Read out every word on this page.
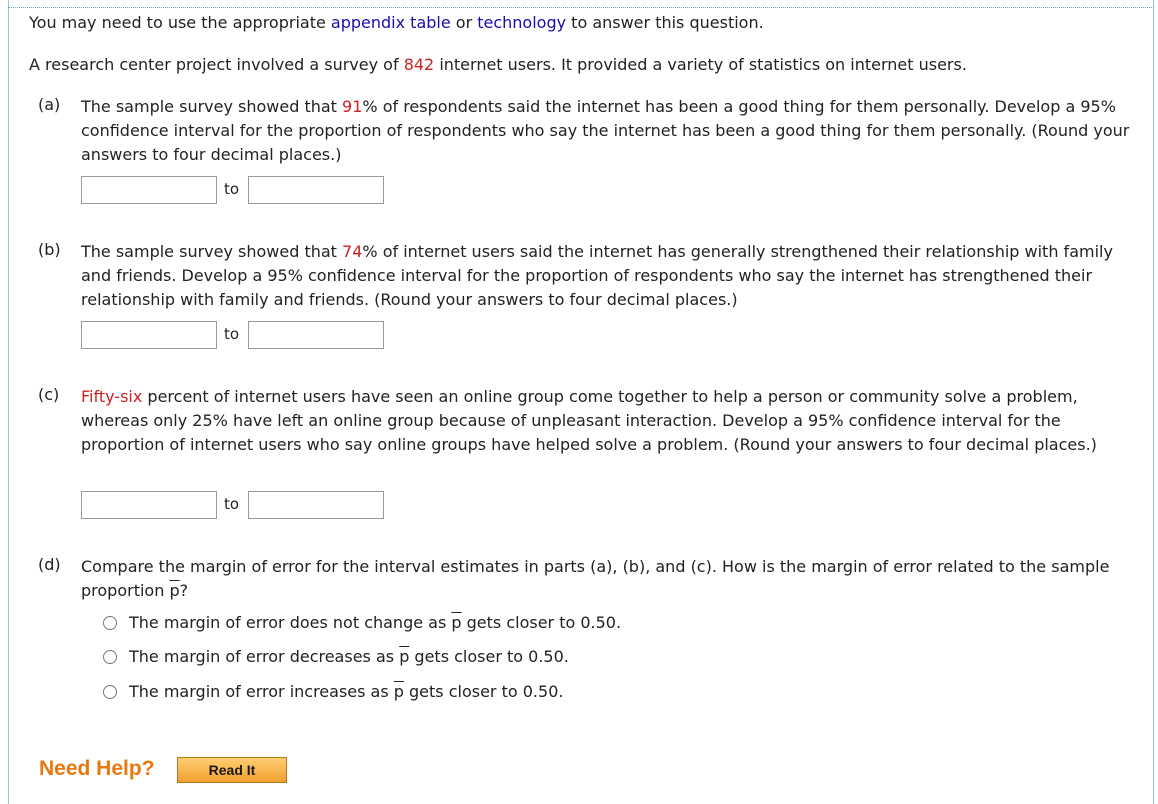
You may need to use the appropriate appendix table or technology to answer this question.
A research center project involved a survey of 842 internet users. It provided a variety of statistics on internet users.
(a) The sample survey showed that 91% of respondents said the internet has been a good thing for them personally. Develop a 95% confidence interval for the proportion of respondents who say the internet has been a good thing for them personally. (Round your answers to four decimal places.)
to
(b) The sample survey showed that 74% of internet users said the internet has generally strengthened their relationship with family and friends. Develop a 95% confidence interval for the proportion of respondents who say the internet has strengthened their relationship with family and friends. (Round your answers to four decimal places.)
to
(c) Fifty-six percent of internet users have seen an online group come together to help a person or community solve a problem, whereas only 25% have left an online group because of unpleasant interaction. Develop a 95% confidence interval for the proportion of internet users who say online groups have helped solve a problem. (Round your answers to four decimal places.)
to
(d) Compare the margin of error for the interval estimates in parts (a), (b), and (c). How is the margin of error related to the sample proportion $\overline{p}$?
The margin of error does not change as $\overline{p}$ gets closer to 0.50.
The margin of error decreases as $\overline{p}$ gets closer to 0.50.
The margin of error increases as $\overline{p}$ gets closer to 0.50.
Need Help?	Read It
